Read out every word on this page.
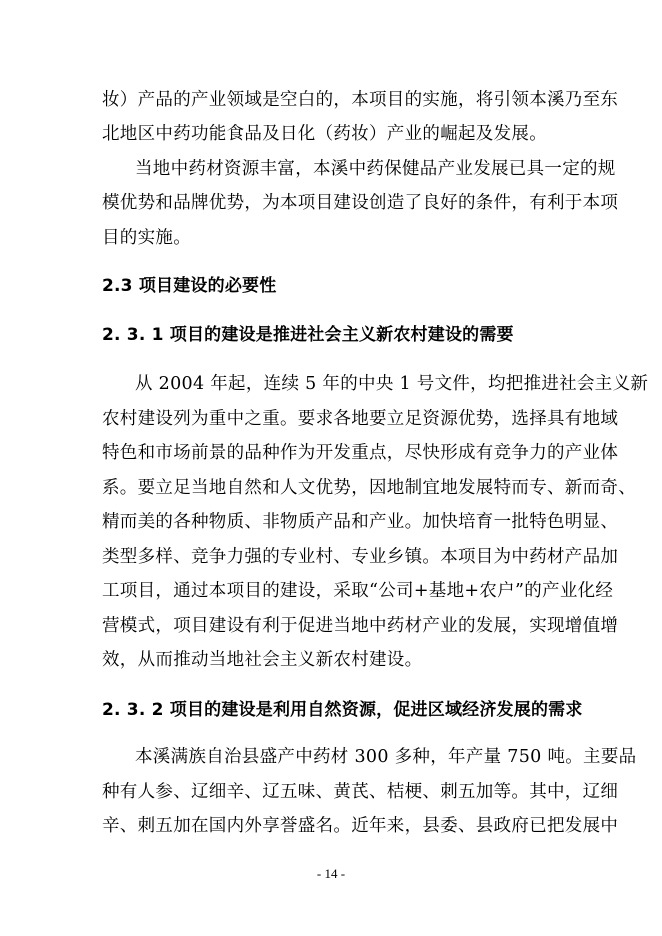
妆）产品的产业领域是空白的，本项目的实施，将引领本溪乃至东
北地区中药功能食品及日化（药妆）产业的崛起及发展。
当地中药材资源丰富，本溪中药保健品产业发展已具一定的规
模优势和品牌优势，为本项目建设创造了良好的条件，有利于本项
目的实施。
2.3 项目建设的必要性
2. 3. 1 项目的建设是推进社会主义新农村建设的需要
从 2004 年起，连续 5 年的中央 1 号文件，均把推进社会主义新
农村建设列为重中之重。要求各地要立足资源优势，选择具有地域
特色和市场前景的品种作为开发重点，尽快形成有竞争力的产业体
系。要立足当地自然和人文优势，因地制宜地发展特而专、新而奇、
精而美的各种物质、非物质产品和产业。加快培育一批特色明显、
类型多样、竞争力强的专业村、专业乡镇。本项目为中药材产品加
工项目，通过本项目的建设，采取“公司+基地+农户”的产业化经
营模式，项目建设有利于促进当地中药材产业的发展，实现增值增
效，从而推动当地社会主义新农村建设。
2. 3. 2 项目的建设是利用自然资源，促进区域经济发展的需求
本溪满族自治县盛产中药材 300 多种，年产量 750 吨。主要品
种有人参、辽细辛、辽五味、黄芪、桔梗、刺五加等。其中，辽细
辛、刺五加在国内外享誉盛名。近年来，县委、县政府已把发展中
- 14 -
